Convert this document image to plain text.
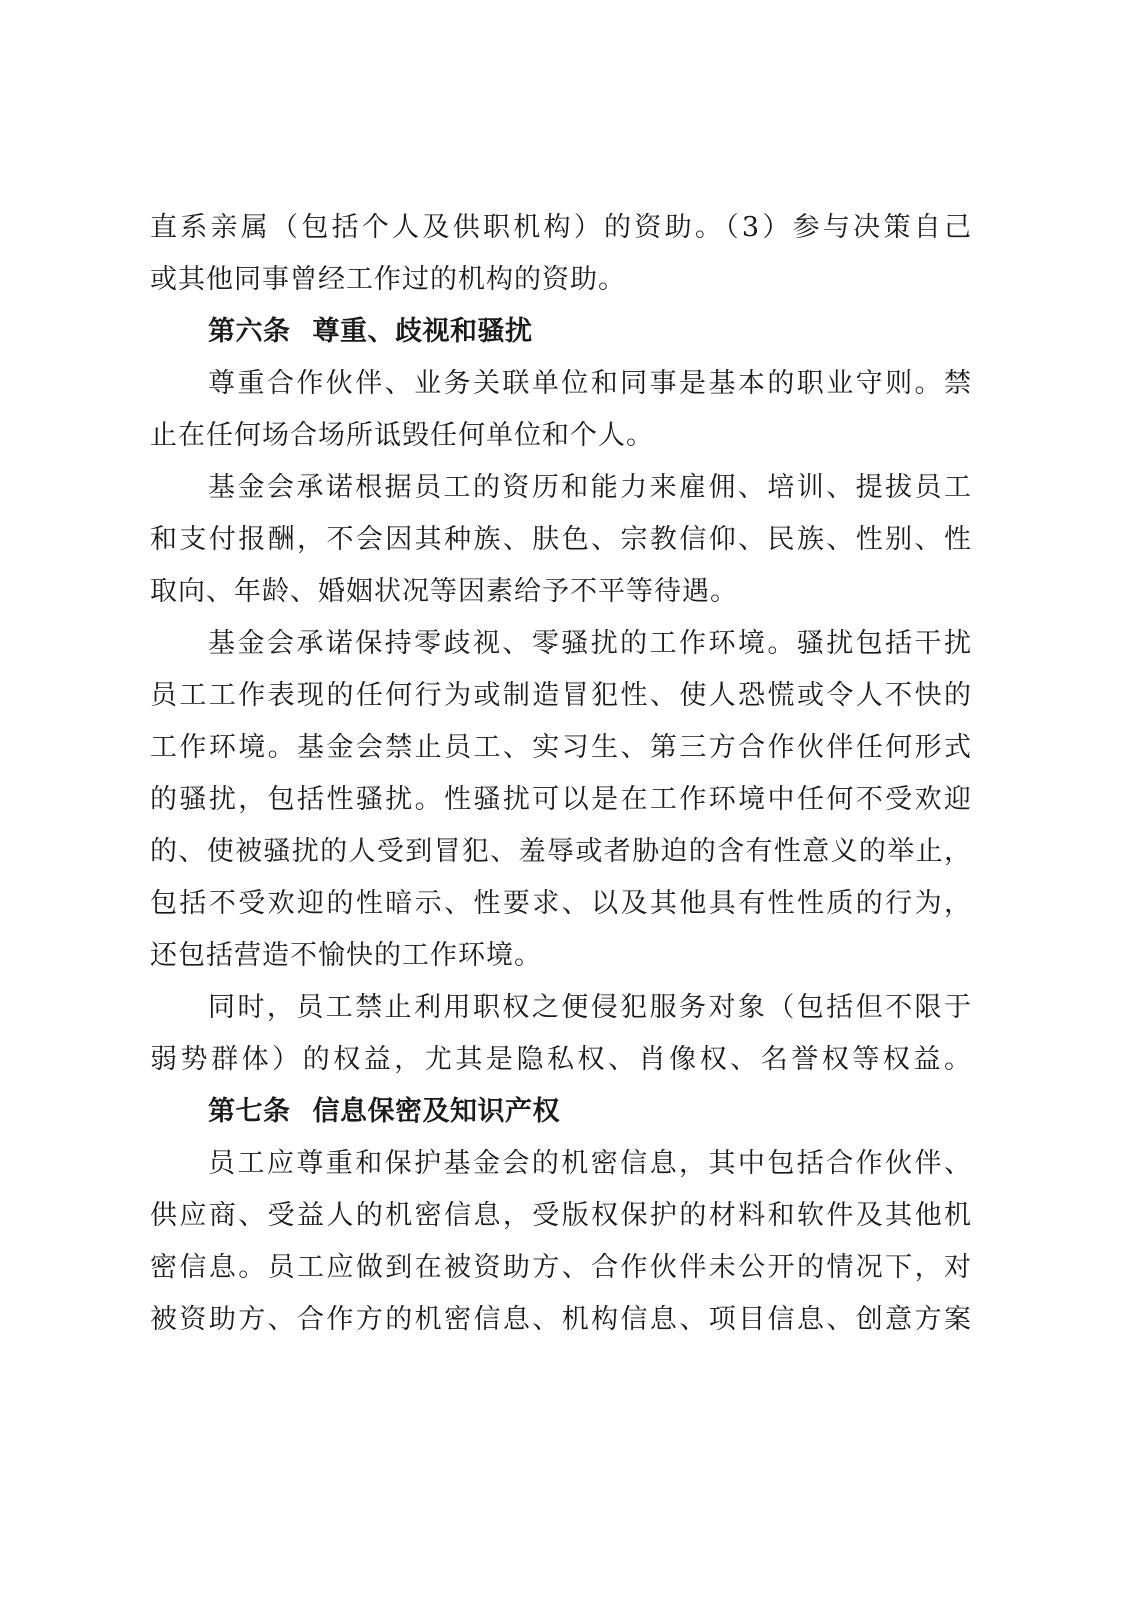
直系亲属（包括个人及供职机构）的资助。（3）参与决策自己
或其他同事曾经工作过的机构的资助。
第六条 尊重、歧视和骚扰
尊重合作伙伴、业务关联单位和同事是基本的职业守则。禁
止在任何场合场所诋毁任何单位和个人。
基金会承诺根据员工的资历和能力来雇佣、培训、提拔员工
和支付报酬，不会因其种族、肤色、宗教信仰、民族、性别、性
取向、年龄、婚姻状况等因素给予不平等待遇。
基金会承诺保持零歧视、零骚扰的工作环境。骚扰包括干扰
员工工作表现的任何行为或制造冒犯性、使人恐慌或令人不快的
工作环境。基金会禁止员工、实习生、第三方合作伙伴任何形式
的骚扰，包括性骚扰。性骚扰可以是在工作环境中任何不受欢迎
的、使被骚扰的人受到冒犯、羞辱或者胁迫的含有性意义的举止，
包括不受欢迎的性暗示、性要求、以及其他具有性性质的行为，
还包括营造不愉快的工作环境。
同时，员工禁止利用职权之便侵犯服务对象（包括但不限于
弱势群体）的权益，尤其是隐私权、肖像权、名誉权等权益。
第七条 信息保密及知识产权
员工应尊重和保护基金会的机密信息，其中包括合作伙伴、
供应商、受益人的机密信息，受版权保护的材料和软件及其他机
密信息。员工应做到在被资助方、合作伙伴未公开的情况下，对
被资助方、合作方的机密信息、机构信息、项目信息、创意方案
